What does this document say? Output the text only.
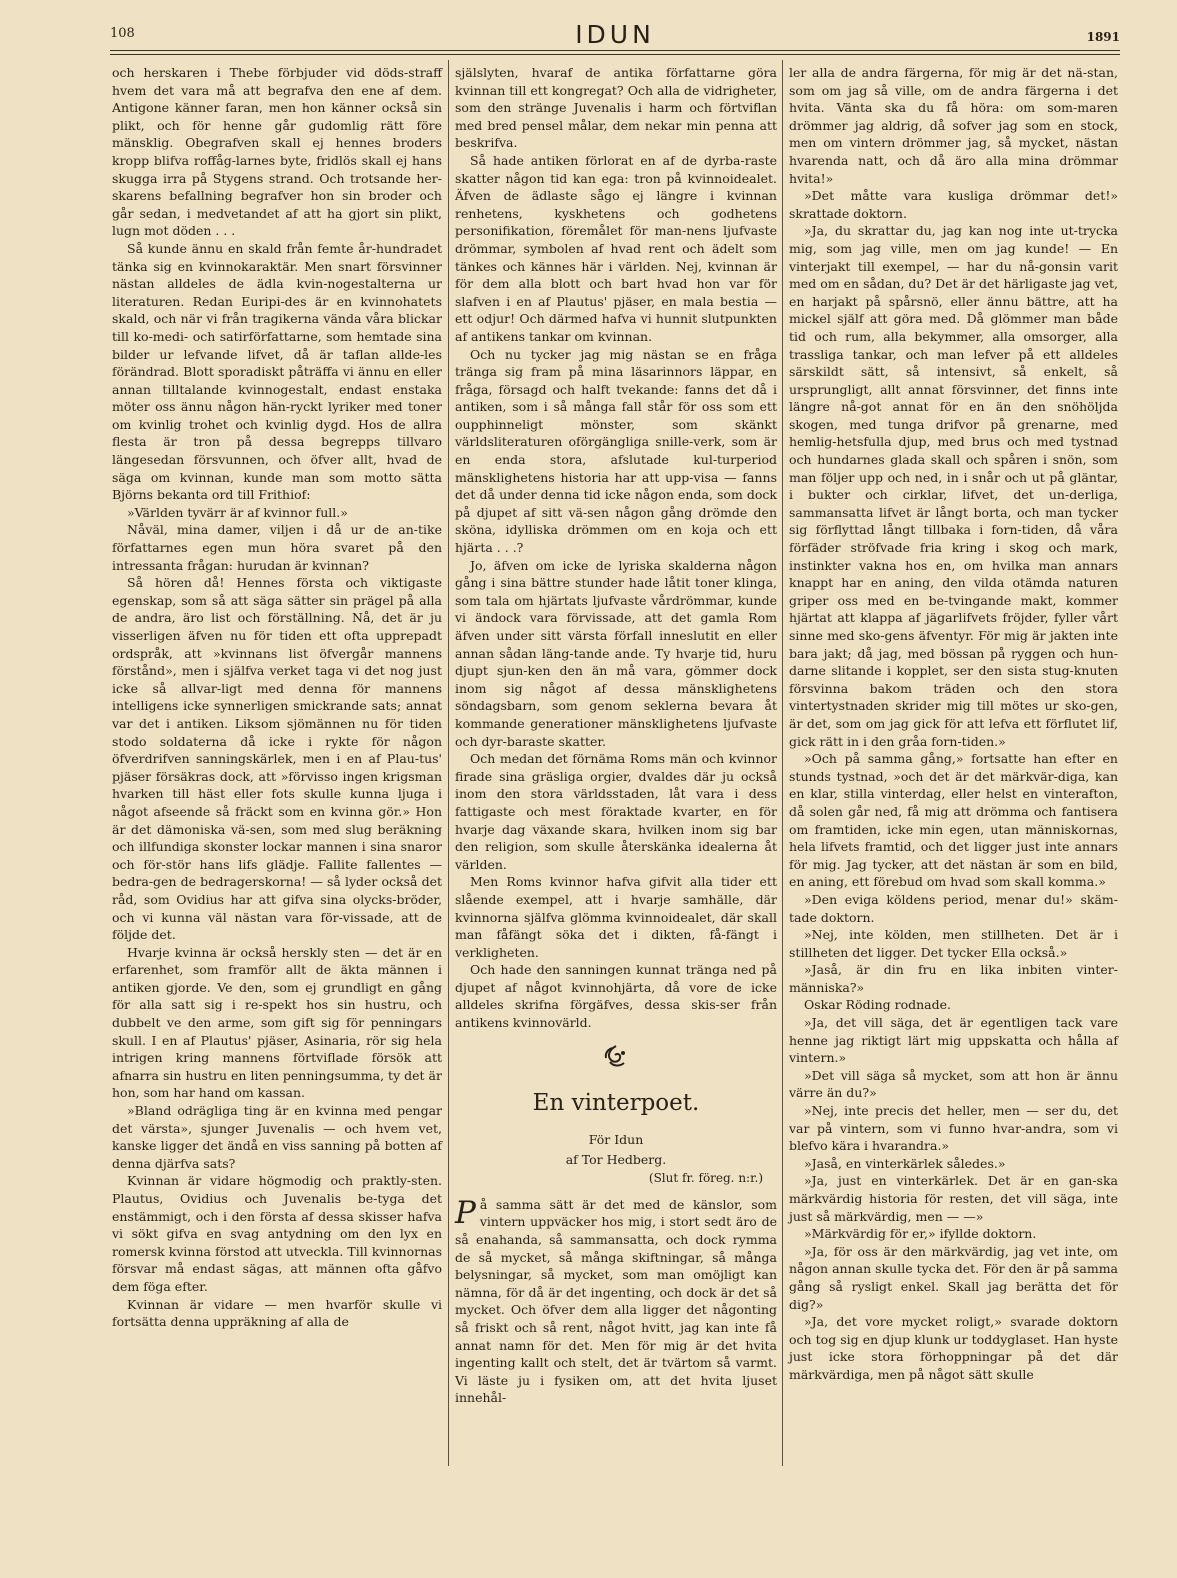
108	IDUN	1891

och herskaren i Thebe förbjuder vid döds-straff hvem det vara må att begrafva den ene af dem. Antigone känner faran, men hon känner också sin plikt, och för henne går gudomlig rätt före mänsklig. Obegrafven skall ej hennes broders kropp blifva roffåg-larnes byte, fridlös skall ej hans skugga irra på Stygens strand. Och trotsande her-skarens befallning begrafver hon sin broder och går sedan, i medvetandet af att ha gjort sin plikt, lugn mot döden . . .

Så kunde ännu en skald från femte år-hundradet tänka sig en kvinnokaraktär. Men snart försvinner nästan alldeles de ädla kvin-nogestalterna ur literaturen. Redan Euripi-des är en kvinnohatets skald, och när vi från tragikerna vända våra blickar till ko-medi- och satirförfattarne, som hemtade sina bilder ur lefvande lifvet, då är taflan allde-les förändrad. Blott sporadiskt påträffa vi ännu en eller annan tilltalande kvinnogestalt, endast enstaka möter oss ännu någon hän-ryckt lyriker med toner om kvinlig trohet och kvinlig dygd. Hos de allra flesta är tron på dessa begrepps tillvaro längesedan försvunnen, och öfver allt, hvad de säga om kvinnan, kunde man som motto sätta Björns bekanta ord till Frithiof:

»Världen tyvärr är af kvinnor full.»

Nåväl, mina damer, viljen i då ur de an-tike författarnes egen mun höra svaret på den intressanta frågan: hurudan är kvinnan?

Så hören då! Hennes första och viktigaste egenskap, som så att säga sätter sin prägel på alla de andra, äro list och förställning. Nå, det är ju visserligen äfven nu för tiden ett ofta upprepadt ordspråk, att »kvinnans list öfvergår mannens förstånd», men i själfva verket taga vi det nog just icke så allvar-ligt med denna för mannens intelligens icke synnerligen smickrande sats; annat var det i antiken. Liksom sjömännen nu för tiden stodo soldaterna då icke i rykte för någon öfverdrifven sanningskärlek, men i en af Plau-tus' pjäser försäkras dock, att »förvisso ingen krigsman hvarken till häst eller fots skulle kunna ljuga i något afseende så fräckt som en kvinna gör.» Hon är det dämoniska vä-sen, som med slug beräkning och illfundiga skonster lockar mannen i sina snaror och för-stör hans lifs glädje. Fallite fallentes — bedra-gen de bedragerskorna! — så lyder också det råd, som Ovidius har att gifva sina olycks-bröder, och vi kunna väl nästan vara för-vissade, att de följde det.

Hvarje kvinna är också herskly sten — det är en erfarenhet, som framför allt de äkta männen i antiken gjorde. Ve den, som ej grundligt en gång för alla satt sig i re-spekt hos sin hustru, och dubbelt ve den arme, som gift sig för penningars skull. I en af Plautus' pjäser, Asinaria, rör sig hela intrigen kring mannens förtviflade försök att afnarra sin hustru en liten penningsumma, ty det är hon, som har hand om kassan.

»Bland odrägliga ting är en kvinna med pengar det värsta», sjunger Juvenalis — och hvem vet, kanske ligger det ändå en viss sanning på botten af denna djärfva sats?

Kvinnan är vidare högmodig och praktly-sten. Plautus, Ovidius och Juvenalis be-tyga det enstämmigt, och i den första af dessa skisser hafva vi sökt gifva en svag antydning om den lyx en romersk kvinna förstod att utveckla. Till kvinnornas försvar må endast sägas, att männen ofta gåfvo dem föga efter.

Kvinnan är vidare — men hvarför skulle vi fortsätta denna uppräkning af alla de

själslyten, hvaraf de antika författarne göra kvinnan till ett kongregat? Och alla de vidrigheter, som den stränge Juvenalis i harm och förtviflan med bred pensel målar, dem nekar min penna att beskrifva.

Så hade antiken förlorat en af de dyrba-raste skatter någon tid kan ega: tron på kvinnoidealet. Äfven de ädlaste sågo ej längre i kvinnan renhetens, kyskhetens och godhetens personifikation, föremålet för man-nens ljufvaste drömmar, symbolen af hvad rent och ädelt som tänkes och kännes här i världen. Nej, kvinnan är för dem alla blott och bart hvad hon var för slafven i en af Plautus' pjäser, en mala bestia — ett odjur! Och därmed hafva vi hunnit slutpunkten af antikens tankar om kvinnan.

Och nu tycker jag mig nästan se en fråga tränga sig fram på mina läsarinnors läppar, en fråga, försagd och halft tvekande: fanns det då i antiken, som i så många fall står för oss som ett oupphinneligt mönster, som skänkt världsliteraturen oförgängliga snille-verk, som är en enda stora, afslutade kul-turperiod mänsklighetens historia har att upp-visa — fanns det då under denna tid icke någon enda, som dock på djupet af sitt vä-sen någon gång drömde den sköna, idylliska drömmen om en koja och ett hjärta . . .?

Jo, äfven om icke de lyriska skalderna någon gång i sina bättre stunder hade låtit toner klinga, som tala om hjärtats ljufvaste vårdrömmar, kunde vi ändock vara förvissade, att det gamla Rom äfven under sitt värsta förfall inneslutit en eller annan sådan läng-tande ande. Ty hvarje tid, huru djupt sjun-ken den än må vara, gömmer dock inom sig något af dessa mänsklighetens söndagsbarn, som genom seklerna bevara åt kommande generationer mänsklighetens ljufvaste och dyr-baraste skatter.

Och medan det förnäma Roms män och kvinnor firade sina gräsliga orgier, dvaldes där ju också inom den stora världsstaden, låt vara i dess fattigaste och mest föraktade kvarter, en för hvarje dag växande skara, hvilken inom sig bar den religion, som skulle återskänka idealerna åt världen.

Men Roms kvinnor hafva gifvit alla tider ett slående exempel, att i hvarje samhälle, där kvinnorna själfva glömma kvinnoidealet, där skall man fåfängt söka det i dikten, få-fängt i verkligheten.

Och hade den sanningen kunnat tränga ned på djupet af något kvinnohjärta, då vore de icke alldeles skrifna förgäfves, dessa skis-ser från antikens kvinnovärld.

En vinterpoet.
För Idun
af Tor Hedberg.
(Slut fr. föreg. n:r.)

På samma sätt är det med de känslor, som vintern uppväcker hos mig, i stort sedt äro de så enahanda, så sammansatta, och dock rymma de så mycket, så många skiftningar, så många belysningar, så mycket, som man omöjligt kan nämna, för då är det ingenting, och dock är det så mycket. Och öfver dem alla ligger det någonting så friskt och så rent, något hvitt, jag kan inte få annat namn för det. Men för mig är det hvita ingenting kallt och stelt, det är tvärtom så varmt. Vi läste ju i fysiken om, att det hvita ljuset innehål-

ler alla de andra färgerna, för mig är det nä-stan, som om jag så ville, om de andra färgerna i det hvita. Vänta ska du få höra: om som-maren drömmer jag aldrig, då sofver jag som en stock, men om vintern drömmer jag, så mycket, nästan hvarenda natt, och då äro alla mina drömmar hvita!»

»Det måtte vara kusliga drömmar det!» skrattade doktorn.

»Ja, du skrattar du, jag kan nog inte ut-trycka mig, som jag ville, men om jag kunde! — En vinterjakt till exempel, — har du nå-gonsin varit med om en sådan, du? Det är det härligaste jag vet, en harjakt på spårsnö, eller ännu bättre, att ha mickel själf att göra med. Då glömmer man både tid och rum, alla bekymmer, alla omsorger, alla trassliga tankar, och man lefver på ett alldeles särskildt sätt, så intensivt, så enkelt, så ursprungligt, allt annat försvinner, det finns inte längre nå-got annat för en än den snöhöljda skogen, med tunga drifvor på grenarne, med hemlig-hetsfulla djup, med brus och med tystnad och hundarnes glada skall och spåren i snön, som man följer upp och ned, in i snår och ut på gläntar, i bukter och cirklar, lifvet, det un-derliga, sammansatta lifvet är långt borta, och man tycker sig förflyttad långt tillbaka i forn-tiden, då våra förfäder ströfvade fria kring i skog och mark, instinkter vakna hos en, om hvilka man annars knappt har en aning, den vilda otämda naturen griper oss med en be-tvingande makt, kommer hjärtat att klappa af jägarlifvets fröjder, fyller vårt sinne med sko-gens äfventyr. För mig är jakten inte bara jakt; då jag, med bössan på ryggen och hun-darne slitande i kopplet, ser den sista stug-knuten försvinna bakom träden och den stora vintertystnaden skrider mig till mötes ur sko-gen, är det, som om jag gick för att lefva ett förflutet lif, gick rätt in i den gråa forn-tiden.»

»Och på samma gång,» fortsatte han efter en stunds tystnad, »och det är det märkvär-diga, kan en klar, stilla vinterdag, eller helst en vinterafton, då solen går ned, få mig att drömma och fantisera om framtiden, icke min egen, utan människornas, hela lifvets framtid, och det ligger just inte annars för mig. Jag tycker, att det nästan är som en bild, en aning, ett förebud om hvad som skall komma.»

»Den eviga köldens period, menar du!» skäm-tade doktorn.

»Nej, inte kölden, men stillheten. Det är i stillheten det ligger. Det tycker Ella också.»

»Jaså, är din fru en lika inbiten vinter-människa?»

Oskar Röding rodnade.

»Ja, det vill säga, det är egentligen tack vare henne jag riktigt lärt mig uppskatta och hålla af vintern.»

»Det vill säga så mycket, som att hon är ännu värre än du?»

»Nej, inte precis det heller, men — ser du, det var på vintern, som vi funno hvar-andra, som vi blefvo kära i hvarandra.»

»Jaså, en vinterkärlek således.»

»Ja, just en vinterkärlek. Det är en gan-ska märkvärdig historia för resten, det vill säga, inte just så märkvärdig, men — —»

»Märkvärdig för er,» ifyllde doktorn.

»Ja, för oss är den märkvärdig, jag vet inte, om någon annan skulle tycka det. För den är på samma gång så rysligt enkel. Skall jag berätta det för dig?»

»Ja, det vore mycket roligt,» svarade doktorn och tog sig en djup klunk ur toddyglaset. Han hyste just icke stora förhoppningar på det där märkvärdiga, men på något sätt skulle
